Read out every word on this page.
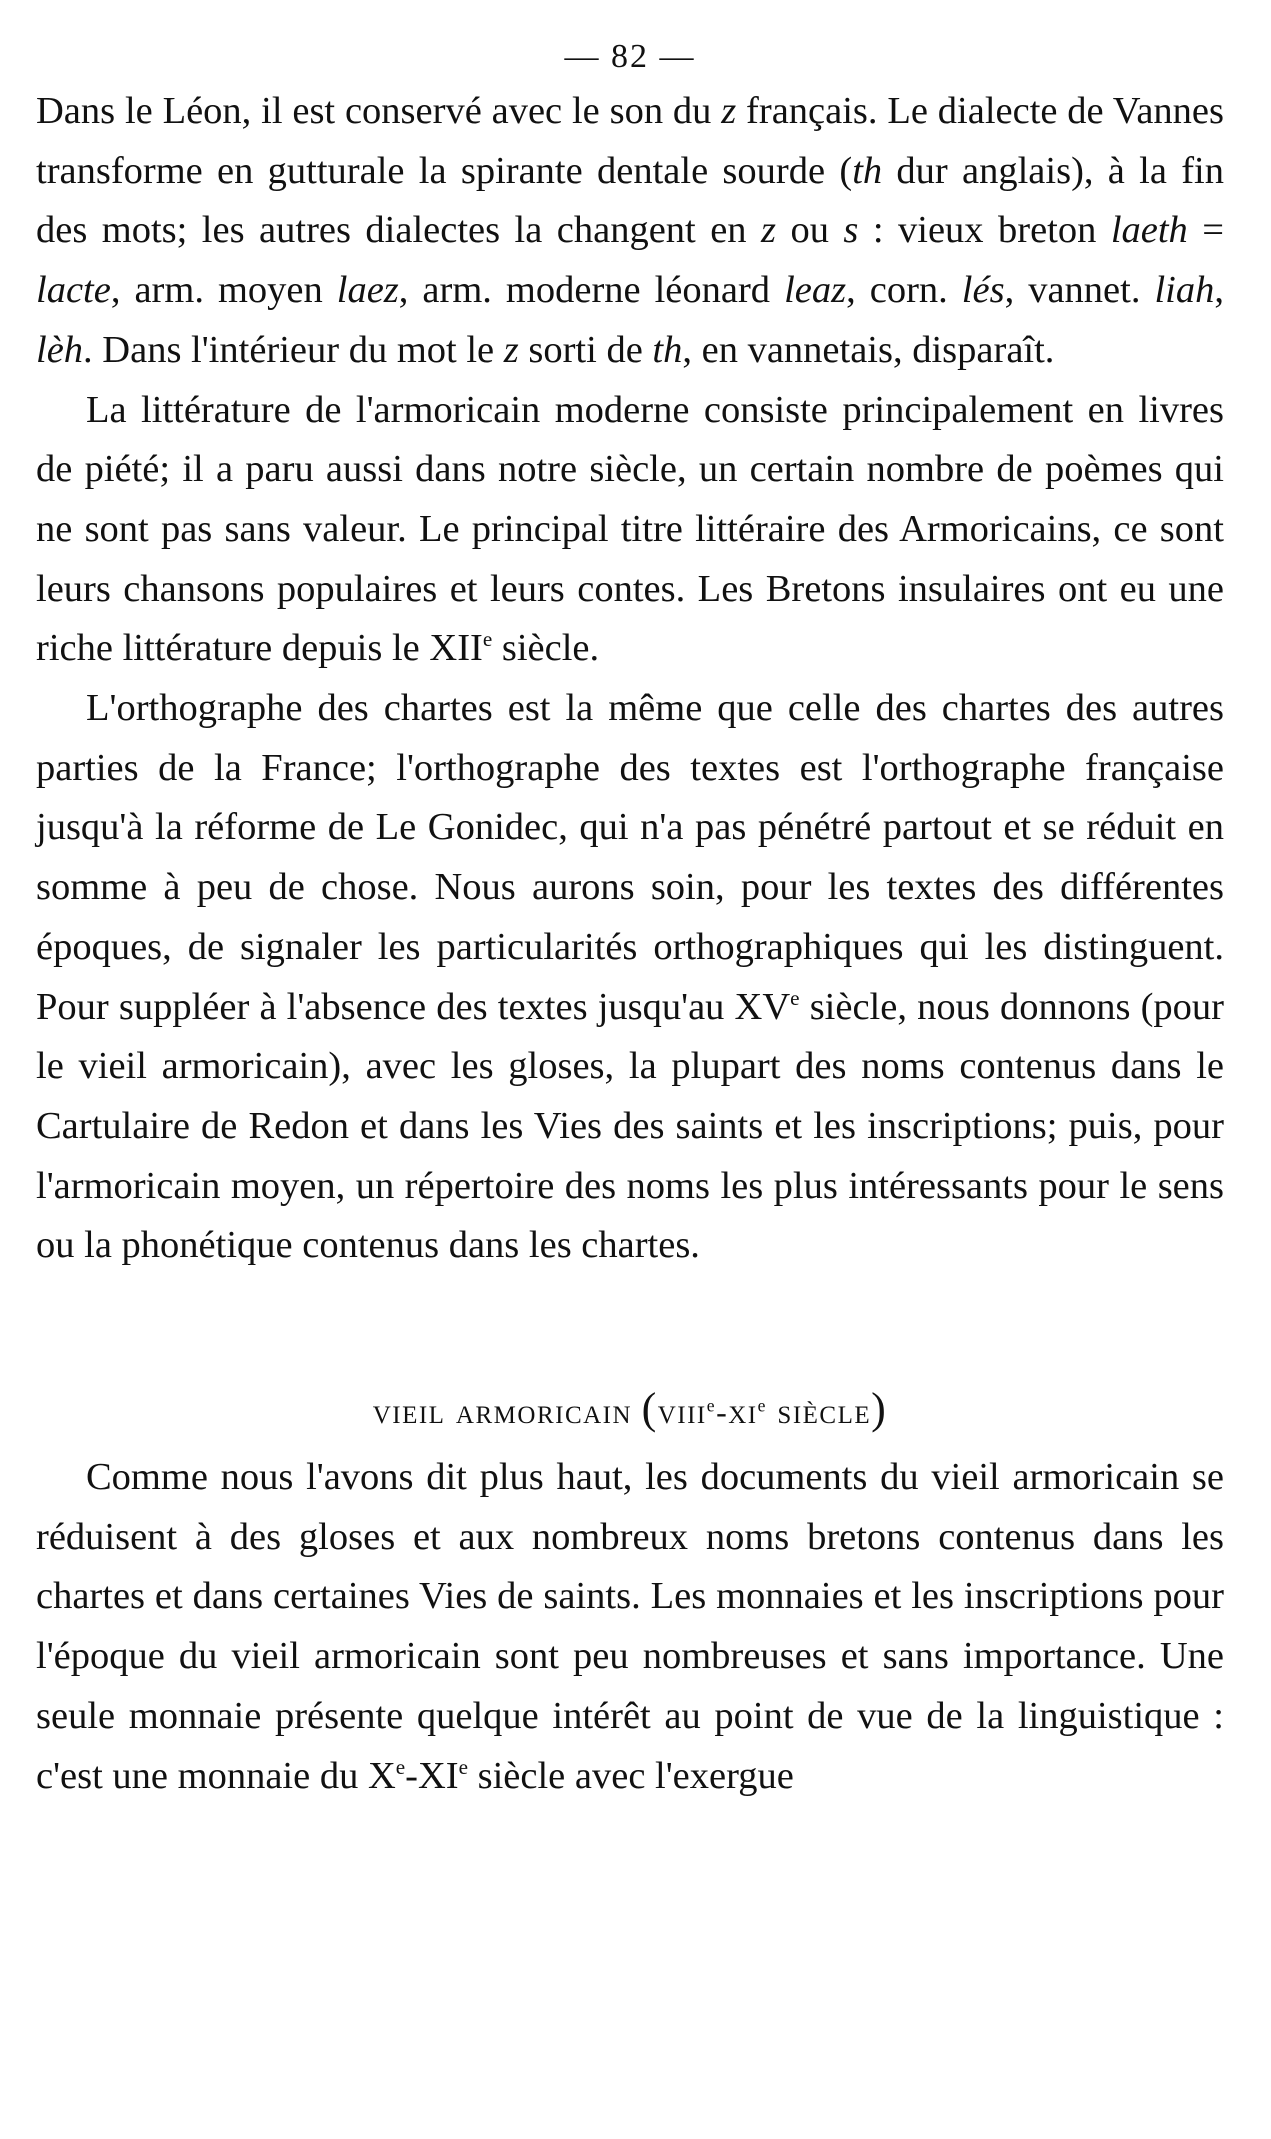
— 82 —

Dans le Léon, il est conservé avec le son du z français. Le dialecte de Vannes transforme en gutturale la spirante dentale sourde (th dur anglais), à la fin des mots; les autres dialectes la changent en z ou s : vieux breton laeth = lacte, arm. moyen laez, arm. moderne léonard leaz, corn. lés, vannet. liah, lèh. Dans l'intérieur du mot le z sorti de th, en vannetais, disparaît.

La littérature de l'armoricain moderne consiste principalement en livres de piété; il a paru aussi dans notre siècle, un certain nombre de poèmes qui ne sont pas sans valeur. Le principal titre littéraire des Armoricains, ce sont leurs chansons populaires et leurs contes. Les Bretons insulaires ont eu une riche littérature depuis le XIIe siècle.

L'orthographe des chartes est la même que celle des chartes des autres parties de la France; l'orthographe des textes est l'orthographe française jusqu'à la réforme de Le Gonidec, qui n'a pas pénétré partout et se réduit en somme à peu de chose. Nous aurons soin, pour les textes des différentes époques, de signaler les particularités orthographiques qui les distinguent. Pour suppléer à l'absence des textes jusqu'au XVe siècle, nous donnons (pour le vieil armoricain), avec les gloses, la plupart des noms contenus dans le Cartulaire de Redon et dans les Vies des saints et les inscriptions; puis, pour l'armoricain moyen, un répertoire des noms les plus intéressants pour le sens ou la phonétique contenus dans les chartes.

vieil armoricain ($viii^e-xi^e$ siècle)

Comme nous l'avons dit plus haut, les documents du vieil armoricain se réduisent à des gloses et aux nombreux noms bretons contenus dans les chartes et dans certaines Vies de saints. Les monnaies et les inscriptions pour l'époque du vieil armoricain sont peu nombreuses et sans importance. Une seule monnaie présente quelque intérêt au point de vue de la linguistique : c'est une monnaie du Xe-XIe siècle avec l'exergue
